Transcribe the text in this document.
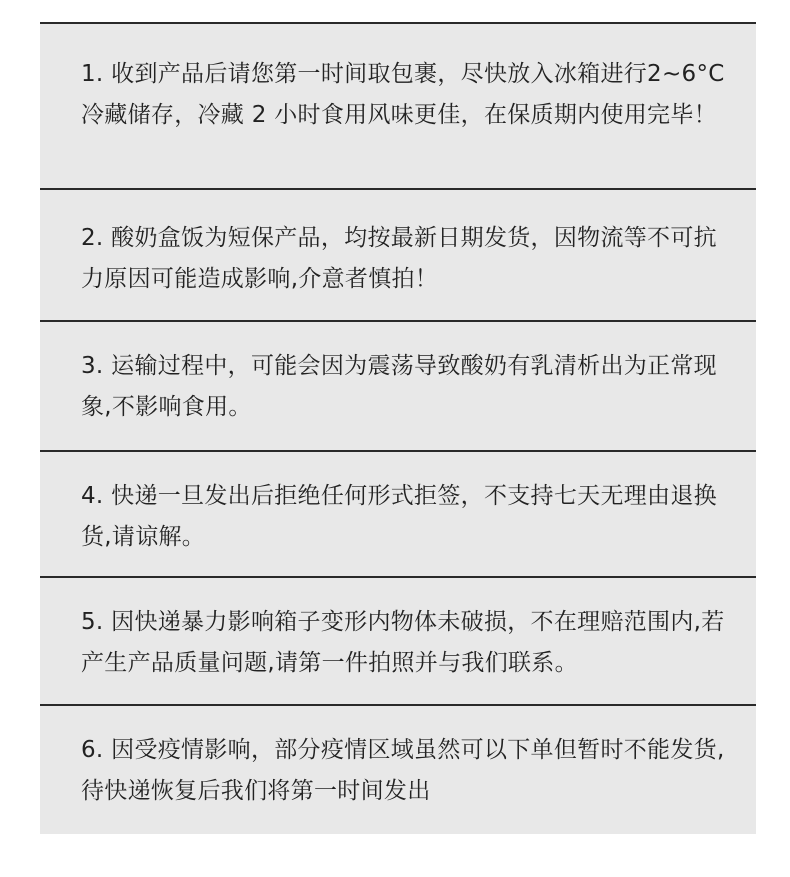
1. 收到产品后请您第一时间取包裹，尽快放入冰箱进行2~6°C 冷藏储存，冷藏 2 小时食用风味更佳，在保质期内使用完毕！
2. 酸奶盒饭为短保产品，均按最新日期发货，因物流等不可抗力原因可能造成影响,介意者慎拍！
3. 运输过程中，可能会因为震荡导致酸奶有乳清析出为正常现象,不影响食用。
4. 快递一旦发出后拒绝任何形式拒签，不支持七天无理由退换货,请谅解。
5. 因快递暴力影响箱子变形内物体未破损，不在理赔范围内,若产生产品质量问题,请第一件拍照并与我们联系。
6. 因受疫情影响，部分疫情区域虽然可以下单但暂时不能发货,待快递恢复后我们将第一时间发出
